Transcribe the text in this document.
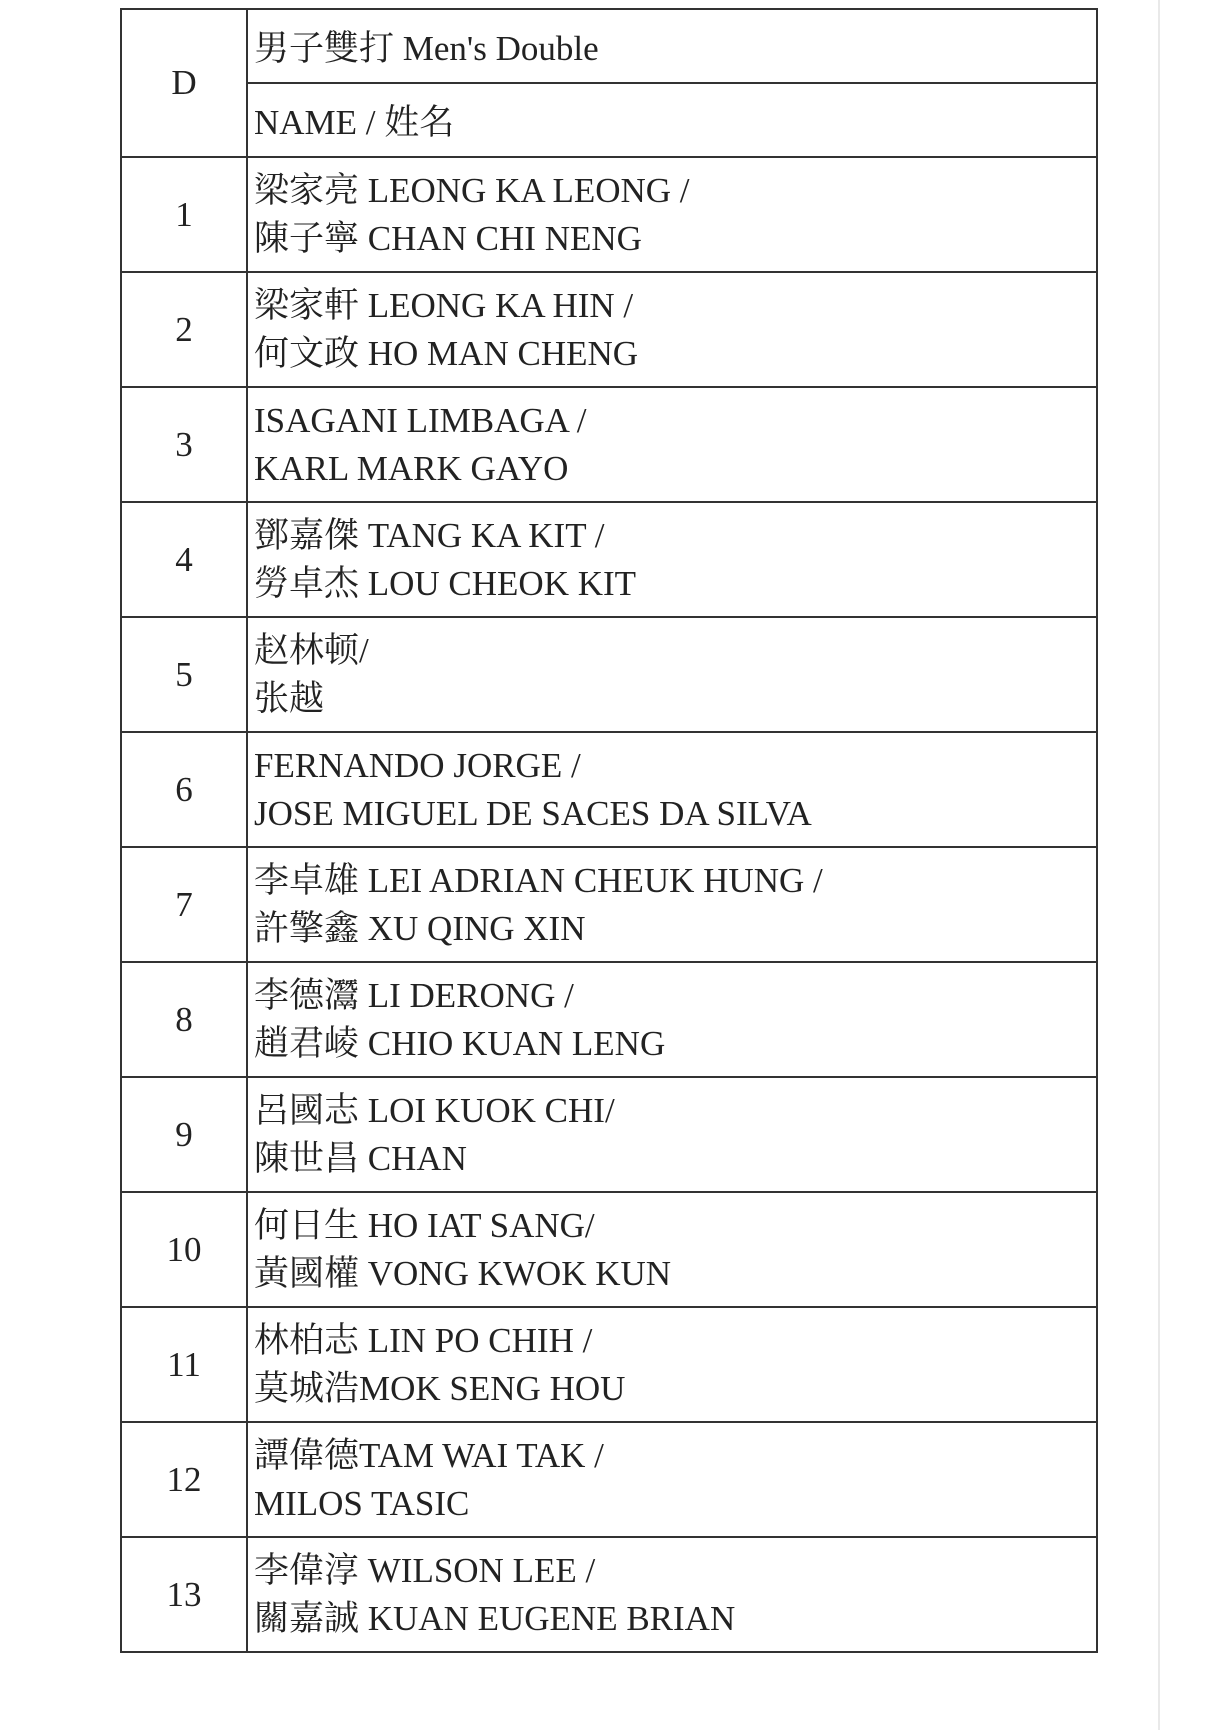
D	男子雙打 Men's Double
	NAME / 姓名
1	梁家亮 LEONG KA LEONG /
陳子寧 CHAN CHI NENG

2	梁家軒 LEONG KA HIN /
何文政 HO MAN CHENG

3	ISAGANI LIMBAGA /
KARL MARK GAYO

4	鄧嘉傑 TANG KA KIT /
勞卓杰 LOU CHEOK KIT

5	赵林顿/
张越

6	FERNANDO JORGE /
JOSE MIGUEL DE SACES DA SILVA

7	李卓雄 LEI ADRIAN CHEUK HUNG /
許擎鑫 XU QING XIN

8	李德灊 LI DERONG /
趙君崚 CHIO KUAN LENG

9	呂國志 LOI KUOK CHI/
陳世昌 CHAN

10	何日生 HO IAT SANG/
黃國權 VONG KWOK KUN

11	林柏志 LIN PO CHIH /
莫城浩MOK SENG HOU

12	譚偉德TAM WAI TAK /
MILOS TASIC

13	李偉淳 WILSON LEE /
關嘉誠 KUAN EUGENE BRIAN
